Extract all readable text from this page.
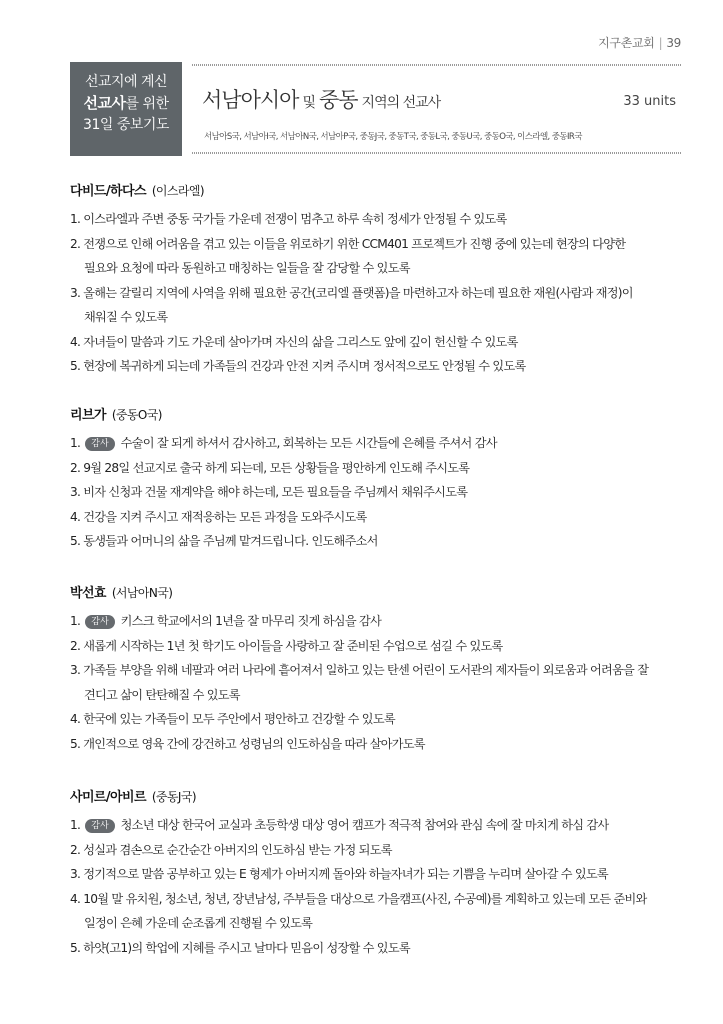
지구촌교회 | 39
선교지에 계신
선교사를 위한
31일 중보기도
서남아시아 및 중동 지역의 선교사	33 units
서남아S국, 서남아I국, 서남아N국, 서남아P국, 중동J국, 중동T국, 중동L국, 중동U국, 중동O국, 이스라엘, 중동IR국
다비드/하다스 (이스라엘)
1. 이스라엘과 주변 중동 국가들 가운데 전쟁이 멈추고 하루 속히 정세가 안정될 수 있도록
2. 전쟁으로 인해 어려움을 겪고 있는 이들을 위로하기 위한 CCM401 프로젝트가 진행 중에 있는데 현장의 다양한
필요와 요청에 따라 동원하고 매칭하는 일들을 잘 감당할 수 있도록
3. 올해는 갈릴리 지역에 사역을 위해 필요한 공간(코리엘 플랫폼)을 마련하고자 하는데 필요한 재원(사람과 재정)이
채워질 수 있도록
4. 자녀들이 말씀과 기도 가운데 살아가며 자신의 삶을 그리스도 앞에 깊이 헌신할 수 있도록
5. 현장에 복귀하게 되는데 가족들의 건강과 안전 지켜 주시며 정서적으로도 안정될 수 있도록
리브가 (중동O국)
1. 감사 수술이 잘 되게 하셔서 감사하고, 회복하는 모든 시간들에 은혜를 주셔서 감사
2. 9월 28일 선교지로 출국 하게 되는데, 모든 상황들을 평안하게 인도해 주시도록
3. 비자 신청과 건물 재계약을 해야 하는데, 모든 필요들을 주님께서 채워주시도록
4. 건강을 지켜 주시고 재적응하는 모든 과정을 도와주시도록
5. 동생들과 어머니의 삶을 주님께 맡겨드립니다. 인도해주소서
박선효 (서남아N국)
1. 감사 키스크 학교에서의 1년을 잘 마무리 짓게 하심을 감사
2. 새롭게 시작하는 1년 첫 학기도 아이들을 사랑하고 잘 준비된 수업으로 섬길 수 있도록
3. 가족들 부양을 위해 네팔과 여러 나라에 흩어져서 일하고 있는 탄센 어린이 도서관의 제자들이 외로움과 어려움을 잘
견디고 삶이 탄탄해질 수 있도록
4. 한국에 있는 가족들이 모두 주안에서 평안하고 건강할 수 있도록
5. 개인적으로 영육 간에 강건하고 성령님의 인도하심을 따라 살아가도록
사미르/아비르 (중동J국)
1. 감사 청소년 대상 한국어 교실과 초등학생 대상 영어 캠프가 적극적 참여와 관심 속에 잘 마치게 하심 감사
2. 성실과 겸손으로 순간순간 아버지의 인도하심 받는 가정 되도록
3. 정기적으로 말씀 공부하고 있는 E 형제가 아버지께 돌아와 하늘자녀가 되는 기쁨을 누리며 살아갈 수 있도록
4. 10월 말 유치원, 청소년, 청년, 장년남성, 주부들을 대상으로 가을캠프(사진, 수공예)를 계획하고 있는데 모든 준비와
일정이 은혜 가운데 순조롭게 진행될 수 있도록
5. 하얏(고1)의 학업에 지혜를 주시고 날마다 믿음이 성장할 수 있도록
